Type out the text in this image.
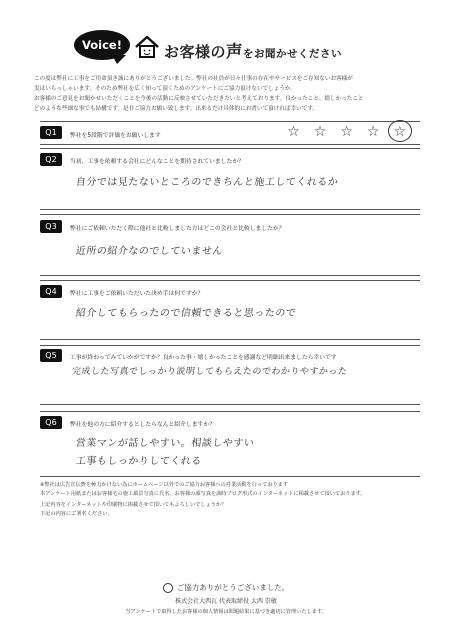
Voice!	お客様の声をお聞かせください
この度は弊社に工事をご用命頂き誠にありがとうございました。弊社の社員が日々仕事の存在やサービスをご存知ないお客様が
実はいらっしゃいます。そのため弊社を広く知って頂くためのアンケートにご協力頂けないでしょうか。
お客様のご意見をお聞かせいただくことを今後の活動に反映させていただきたいと考えております。良かったこと、嬉しかったこと
どのような些細な事でも結構です。是非ご協力お願い致します。出来るだけ具体的にお書いて頂ければ幸いです。
Q1	弊社を5段階で評価をお願いします	☆ ☆ ☆ ☆ ☆
Q2	当初、工事を依頼する会社にどんなことを期待されていましたか？
自分では見たないところのできちんと施工してくれるか
Q3	弊社にご依頼いただく際に他社と比較しました方はどこの会社と比較しましたか？
近所の紹介なのでしていません
Q4	弊社に工事をご依頼いただいた決め手は何ですか？
紹介してもらったので信頼できると思ったので
Q5	工事が終わってみていかがですか？良かった事・嬉しかったことを感謝など明細出来ましたら幸いです
完成した写真でしっかり説明してもらえたのでわかりやすかった
Q6	弊社を他の方に紹介するとしたらなんと紹介しますか？
営業マンが話しやすい。相談しやすい
工事もしっかりしてくれる
※弊社は広告宣伝費を極力かけない為にホームページ以外でのご協力お客様への営業活動を行っております
本アンケート用紙またはお客様宅の施工風景写真に氏名、お客様の顔写真を満時ブログ形式のインターネットに掲載させて頂いております。
上記内容をインターネットや印刷物に掲載させて頂いてもよろしいでしょうか？
下記の内容にご署名ください。
ご協力ありがとうございました。
株式会社大西瓦 代表取締役 大西 崇敏
当アンケートで取得したお客様の個人情報は問題結果に基づき適切に管理いたします。
